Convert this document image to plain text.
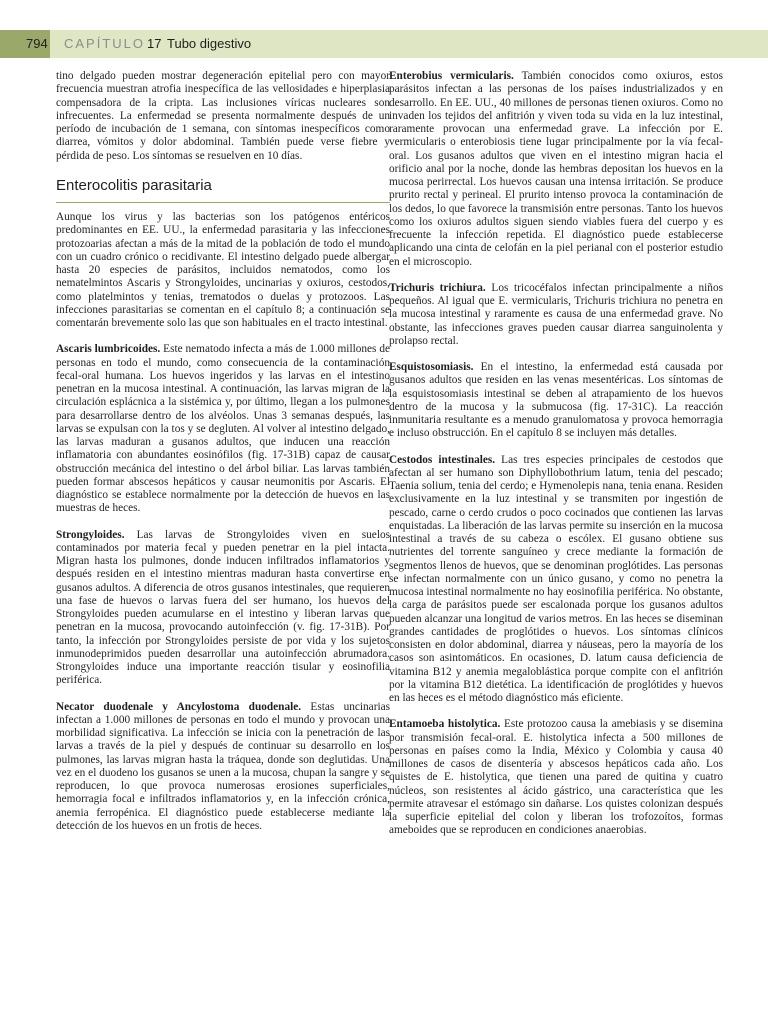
794 CAPÍTULO 17 Tubo digestivo

tino delgado pueden mostrar degeneración epitelial pero con mayor frecuencia muestran atrofia inespecífica de las vellosidades e hiperplasia compensadora de la cripta. Las inclusiones víricas nucleares son infrecuentes. La enfermedad se presenta normalmente después de un período de incubación de 1 semana, con síntomas inespecíficos como diarrea, vómitos y dolor abdominal. También puede verse fiebre y pérdida de peso. Los síntomas se resuelven en 10 días.

Enterocolitis parasitaria

Aunque los virus y las bacterias son los patógenos entéricos predominantes en EE. UU., la enfermedad parasitaria y las infecciones protozoarias afectan a más de la mitad de la población de todo el mundo con un cuadro crónico o recidivante. El intestino delgado puede albergar hasta 20 especies de parásitos, incluidos nematodos, como los nematelmintos Ascaris y Strongyloides, uncinarias y oxiuros, cestodos, como platelmintos y tenias, trematodos o duelas y protozoos. Las infecciones parasitarias se comentan en el capítulo 8; a continuación se comentarán brevemente solo las que son habituales en el tracto intestinal.

Ascaris lumbricoides. Este nematodo infecta a más de 1.000 millones de personas en todo el mundo, como consecuencia de la contaminación fecal-oral humana. Los huevos ingeridos y las larvas en el intestino penetran en la mucosa intestinal. A continuación, las larvas migran de la circulación esplácnica a la sistémica y, por último, llegan a los pulmones para desarrollarse dentro de los alvéolos. Unas 3 semanas después, las larvas se expulsan con la tos y se degluten. Al volver al intestino delgado, las larvas maduran a gusanos adultos, que inducen una reacción inflamatoria con abundantes eosinófilos (fig. 17-31B) capaz de causar obstrucción mecánica del intestino o del árbol biliar. Las larvas también pueden formar abscesos hepáticos y causar neumonitis por Ascaris. El diagnóstico se establece normalmente por la detección de huevos en las muestras de heces.

Strongyloides. Las larvas de Strongyloides viven en suelos contaminados por materia fecal y pueden penetrar en la piel intacta. Migran hasta los pulmones, donde inducen infiltrados inflamatorios y después residen en el intestino mientras maduran hasta convertirse en gusanos adultos. A diferencia de otros gusanos intestinales, que requieren una fase de huevos o larvas fuera del ser humano, los huevos del Strongyloides pueden acumularse en el intestino y liberan larvas que penetran en la mucosa, provocando autoinfección (v. fig. 17-31B). Por tanto, la infección por Strongyloides persiste de por vida y los sujetos inmunodeprimidos pueden desarrollar una autoinfección abrumadora. Strongyloides induce una importante reacción tisular y eosinofilia periférica.

Necator duodenale y Ancylostoma duodenale. Estas uncinarias infectan a 1.000 millones de personas en todo el mundo y provocan una morbilidad significativa. La infección se inicia con la penetración de las larvas a través de la piel y después de continuar su desarrollo en los pulmones, las larvas migran hasta la tráquea, donde son deglutidas. Una vez en el duodeno los gusanos se unen a la mucosa, chupan la sangre y se reproducen, lo que provoca numerosas erosiones superficiales, hemorragia focal e infiltrados inflamatorios y, en la infección crónica, anemia ferropénica. El diagnóstico puede establecerse mediante la detección de los huevos en un frotis de heces.

Enterobius vermicularis. También conocidos como oxiuros, estos parásitos infectan a las personas de los países industrializados y en desarrollo. En EE. UU., 40 millones de personas tienen oxiuros. Como no invaden los tejidos del anfitrión y viven toda su vida en la luz intestinal, raramente provocan una enfermedad grave. La infección por E. vermicularis o enterobiosis tiene lugar principalmente por la vía fecal-oral. Los gusanos adultos que viven en el intestino migran hacia el orificio anal por la noche, donde las hembras depositan los huevos en la mucosa perirrectal. Los huevos causan una intensa irritación. Se produce prurito rectal y perineal. El prurito intenso provoca la contaminación de los dedos, lo que favorece la transmisión entre personas. Tanto los huevos como los oxiuros adultos siguen siendo viables fuera del cuerpo y es frecuente la infección repetida. El diagnóstico puede establecerse aplicando una cinta de celofán en la piel perianal con el posterior estudio en el microscopio.

Trichuris trichiura. Los tricocéfalos infectan principalmente a niños pequeños. Al igual que E. vermicularis, Trichuris trichiura no penetra en la mucosa intestinal y raramente es causa de una enfermedad grave. No obstante, las infecciones graves pueden causar diarrea sanguinolenta y prolapso rectal.

Esquistosomiasis. En el intestino, la enfermedad está causada por gusanos adultos que residen en las venas mesentéricas. Los síntomas de la esquistosomiasis intestinal se deben al atrapamiento de los huevos dentro de la mucosa y la submucosa (fig. 17-31C). La reacción inmunitaria resultante es a menudo granulomatosa y provoca hemorragia e incluso obstrucción. En el capítulo 8 se incluyen más detalles.

Cestodos intestinales. Las tres especies principales de cestodos que afectan al ser humano son Diphyllobothrium latum, tenia del pescado; Taenia solium, tenia del cerdo; e Hymenolepis nana, tenia enana. Residen exclusivamente en la luz intestinal y se transmiten por ingestión de pescado, carne o cerdo crudos o poco cocinados que contienen las larvas enquistadas. La liberación de las larvas permite su inserción en la mucosa intestinal a través de su cabeza o escólex. El gusano obtiene sus nutrientes del torrente sanguíneo y crece mediante la formación de segmentos llenos de huevos, que se denominan proglótides. Las personas se infectan normalmente con un único gusano, y como no penetra la mucosa intestinal normalmente no hay eosinofilia periférica. No obstante, la carga de parásitos puede ser escalonada porque los gusanos adultos pueden alcanzar una longitud de varios metros. En las heces se diseminan grandes cantidades de proglótides o huevos. Los síntomas clínicos consisten en dolor abdominal, diarrea y náuseas, pero la mayoría de los casos son asintomáticos. En ocasiones, D. latum causa deficiencia de vitamina B12 y anemia megaloblástica porque compite con el anfitrión por la vitamina B12 dietética. La identificación de proglótides y huevos en las heces es el método diagnóstico más eficiente.

Entamoeba histolytica. Este protozoo causa la amebiasis y se disemina por transmisión fecal-oral. E. histolytica infecta a 500 millones de personas en países como la India, México y Colombia y causa 40 millones de casos de disentería y abscesos hepáticos cada año. Los quistes de E. histolytica, que tienen una pared de quitina y cuatro núcleos, son resistentes al ácido gástrico, una característica que les permite atravesar el estómago sin dañarse. Los quistes colonizan después la superficie epitelial del colon y liberan los trofozoítos, formas ameboides que se reproducen en condiciones anaerobias.
